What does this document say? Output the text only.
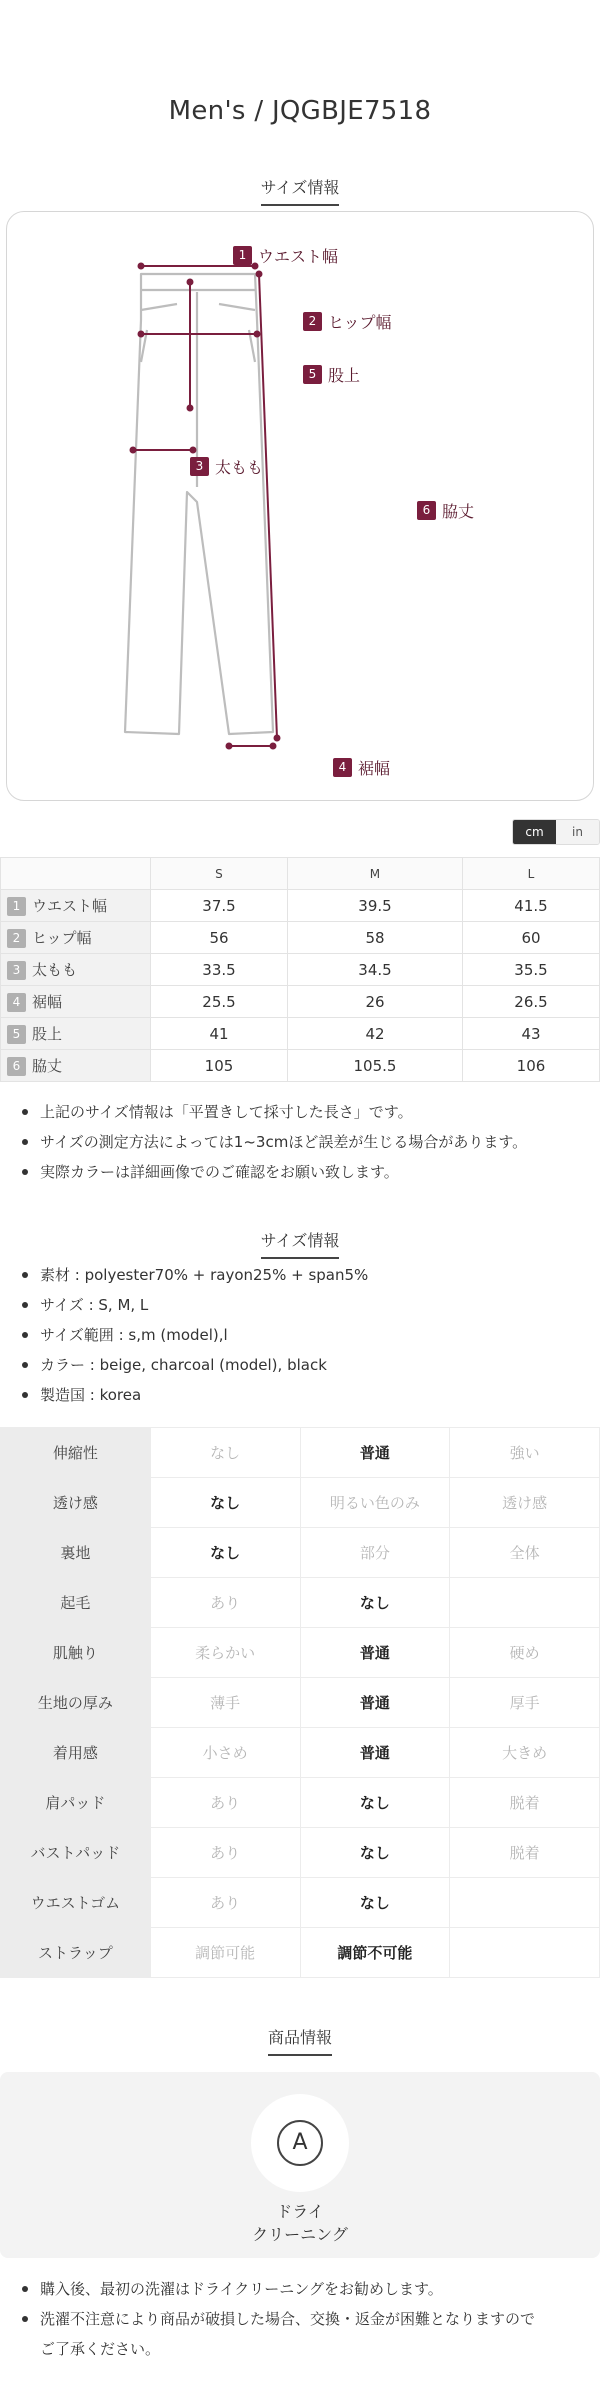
Men's / JQGBJE7518
サイズ情報
1 ウエスト幅
2 ヒップ幅
5 股上
3 太もも
6 脇丈
4 裾幅
cm	in
	S	M	L
1 ウエスト幅	37.5	39.5	41.5
2 ヒップ幅	56	58	60
3 太もも	33.5	34.5	35.5
4 裾幅	25.5	26	26.5
5 股上	41	42	43
6 脇丈	105	105.5	106
上記のサイズ情報は「平置きして採寸した長さ」です。
サイズの測定方法によっては1~3cmほど誤差が生じる場合があります。
実際カラーは詳細画像でのご確認をお願い致します。
サイズ情報
素材 : polyester70% + rayon25% + span5%
サイズ : S, M, L
サイズ範囲 : s,m (model),l
カラー : beige, charcoal (model), black
製造国 : korea
伸縮性	なし	普通	強い
透け感	なし	明るい色のみ	透け感
裏地	なし	部分	全体
起毛	あり	なし	
肌触り	柔らかい	普通	硬め
生地の厚み	薄手	普通	厚手
着用感	小さめ	普通	大きめ
肩パッド	あり	なし	脱着
バストパッド	あり	なし	脱着
ウエストゴム	あり	なし	
ストラップ	調節可能	調節不可能	
商品情報
A
ドライ
クリーニング
購入後、最初の洗濯はドライクリーニングをお勧めします。
洗濯不注意により商品が破損した場合、交換・返金が困難となりますので
ご了承ください。
